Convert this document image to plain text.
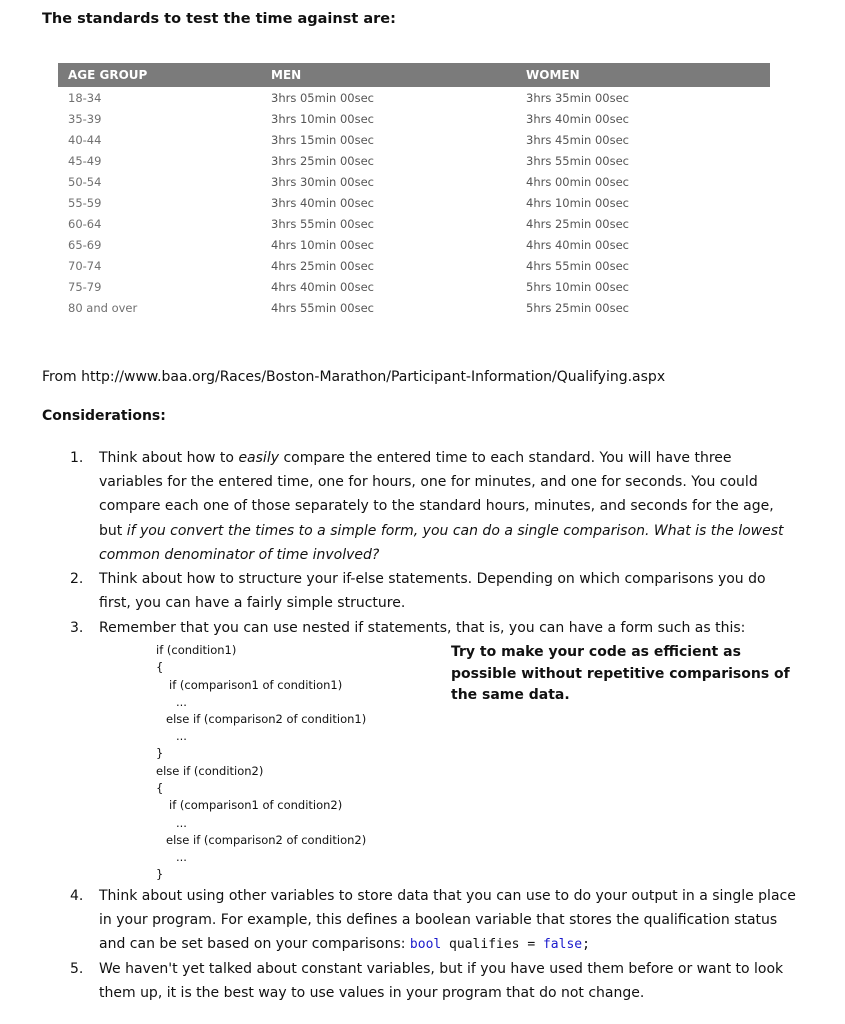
The standards to test the time against are:
AGE GROUP	MEN	WOMEN
18-34	3hrs 05min 00sec	3hrs 35min 00sec
35-39	3hrs 10min 00sec	3hrs 40min 00sec
40-44	3hrs 15min 00sec	3hrs 45min 00sec
45-49	3hrs 25min 00sec	3hrs 55min 00sec
50-54	3hrs 30min 00sec	4hrs 00min 00sec
55-59	3hrs 40min 00sec	4hrs 10min 00sec
60-64	3hrs 55min 00sec	4hrs 25min 00sec
65-69	4hrs 10min 00sec	4hrs 40min 00sec
70-74	4hrs 25min 00sec	4hrs 55min 00sec
75-79	4hrs 40min 00sec	5hrs 10min 00sec
80 and over	4hrs 55min 00sec	5hrs 25min 00sec
From http://www.baa.org/Races/Boston-Marathon/Participant-Information/Qualifying.aspx
Considerations:
1. Think about how to easily compare the entered time to each standard. You will have three variables for the entered time, one for hours, one for minutes, and one for seconds. You could compare each one of those separately to the standard hours, minutes, and seconds for the age, but if you convert the times to a simple form, you can do a single comparison. What is the lowest common denominator of time involved?
2. Think about how to structure your if-else statements. Depending on which comparisons you do first, you can have a fairly simple structure.
3. Remember that you can use nested if statements, that is, you can have a form such as this:
if (condition1)
{
if (comparison1 of condition1)
...
else if (comparison2 of condition1)
...
}
else if (condition2)
{
if (comparison1 of condition2)
...
else if (comparison2 of condition2)
...
}
Try to make your code as efficient as possible without repetitive comparisons of the same data.
4. Think about using other variables to store data that you can use to do your output in a single place in your program. For example, this defines a boolean variable that stores the qualification status and can be set based on your comparisons: bool qualifies = false;
5. We haven't yet talked about constant variables, but if you have used them before or want to look them up, it is the best way to use values in your program that do not change.
